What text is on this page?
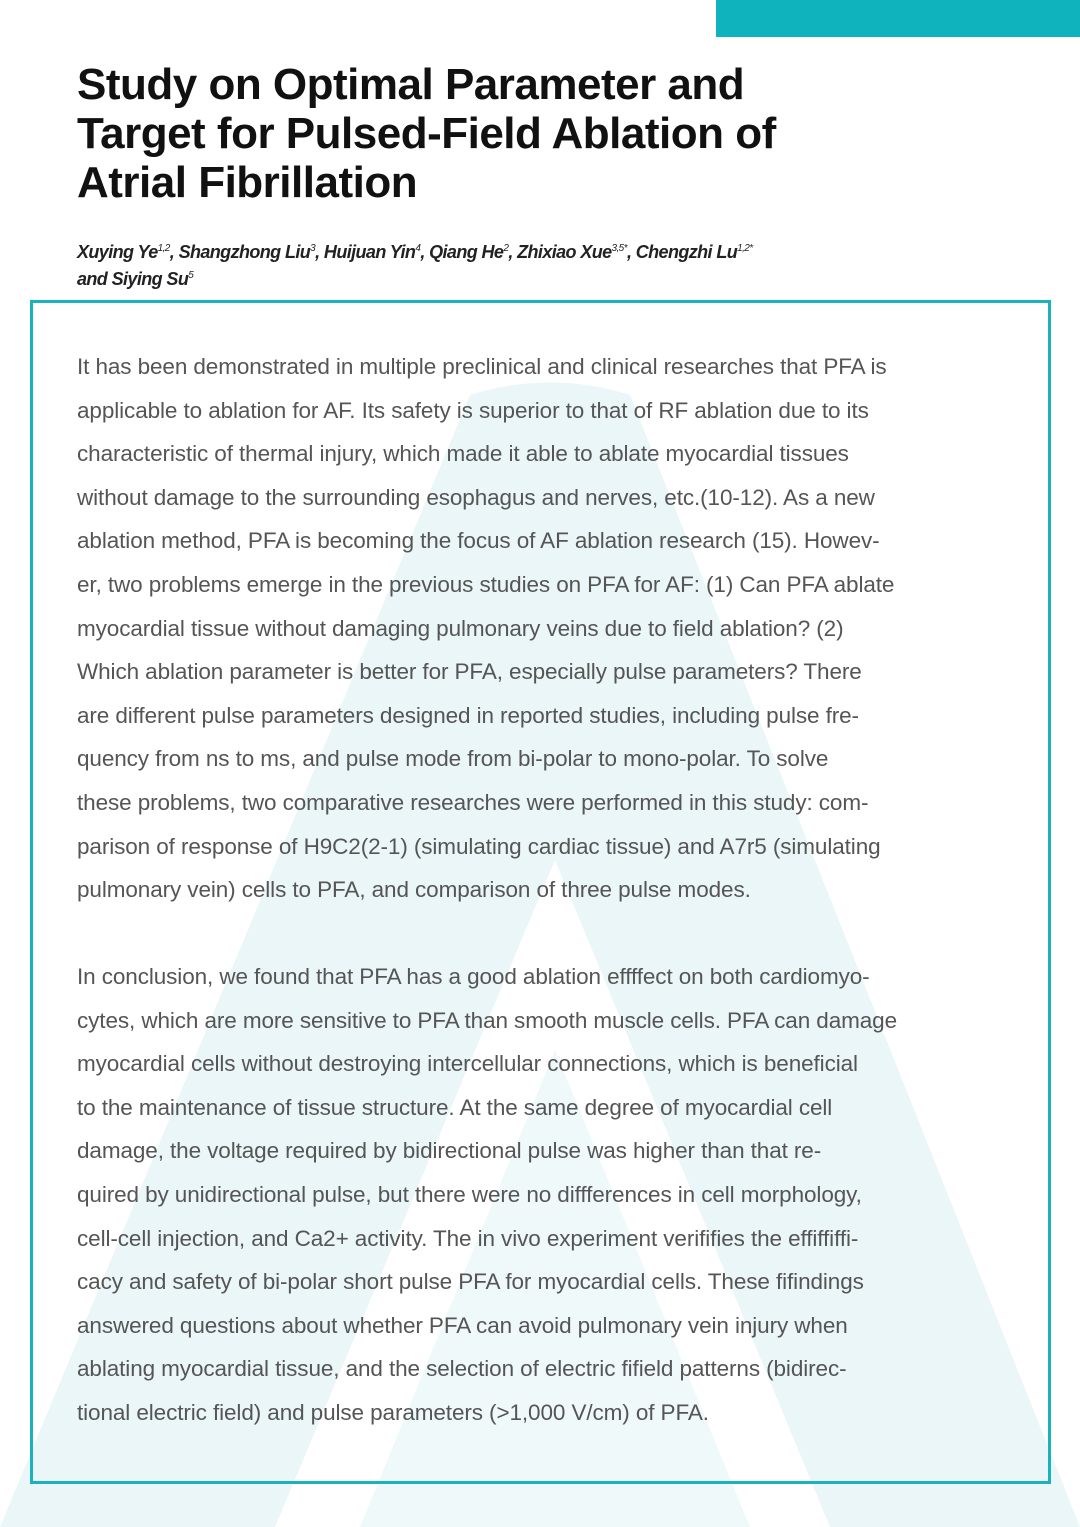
Study on Optimal Parameter and
Target for Pulsed-Field Ablation of
Atrial Fibrillation
Xuying Ye$^{1,2}$, Shangzhong Liu$^3$, Huijuan Yin$^4$, Qiang He$^2$, Zhixiao Xue$^{3,5*}$, Chengzhi $Lu^{1,2*}$
and Siying Su$^5$
It has been demonstrated in multiple preclinical and clinical researches that PFA is
applicable to ablation for AF. Its safety is superior to that of RF ablation due to its
characteristic of thermal injury, which made it able to ablate myocardial tissues
without damage to the surrounding esophagus and nerves, etc.(10-12). As a new
ablation method, PFA is becoming the focus of AF ablation research (15). Howev-
er, two problems emerge in the previous studies on PFA for AF: (1) Can PFA ablate
myocardial tissue without damaging pulmonary veins due to field ablation? (2)
Which ablation parameter is better for PFA, especially pulse parameters? There
are different pulse parameters designed in reported studies, including pulse fre-
quency from ns to ms, and pulse mode from bi-polar to mono-polar. To solve
these problems, two comparative researches were performed in this study: com-
parison of response of H9C2(2-1) (simulating cardiac tissue) and A7r5 (simulating
pulmonary vein) cells to PFA, and comparison of three pulse modes.
In conclusion, we found that PFA has a good ablation effffect on both cardiomyo-
cytes, which are more sensitive to PFA than smooth muscle cells. PFA can damage
myocardial cells without destroying intercellular connections, which is beneficial
to the maintenance of tissue structure. At the same degree of myocardial cell
damage, the voltage required by bidirectional pulse was higher than that re-
quired by unidirectional pulse, but there were no diffferences in cell morphology,
cell-cell injection, and Ca2+ activity. The in vivo experiment verififies the effiffiffi-
cacy and safety of bi-polar short pulse PFA for myocardial cells. These fifindings
answered questions about whether PFA can avoid pulmonary vein injury when
ablating myocardial tissue, and the selection of electric fifield patterns (bidirec-
tional electric field) and pulse parameters (>1,000 V/cm) of PFA.
